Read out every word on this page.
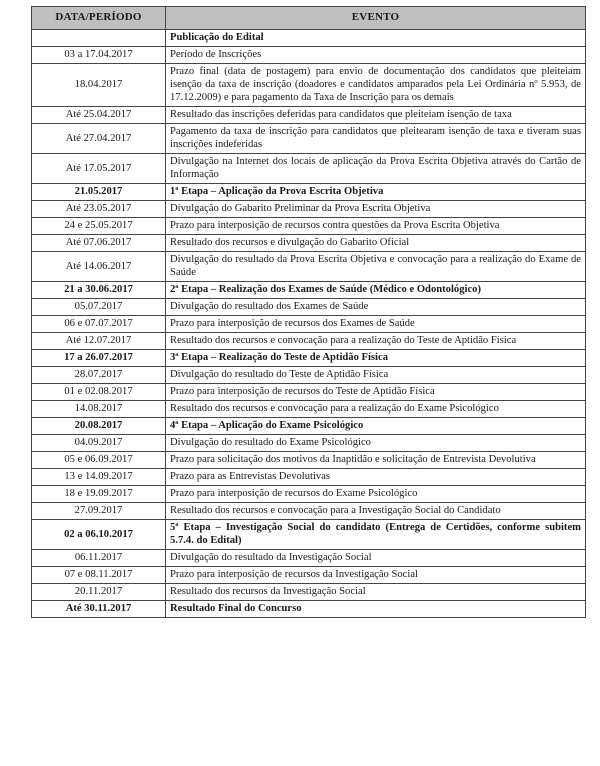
DATA/PERÍODO	EVENTO
	Publicação do Edital
03 a 17.04.2017	Período de Inscrições
18.04.2017	Prazo final (data de postagem) para envio de documentação dos candidatos que pleiteiam isenção da taxa de inscrição (doadores e candidatos amparados pela Lei Ordinária nº 5.953, de 17.12.2009) e para pagamento da Taxa de Inscrição para os demais
Até 25.04.2017	Resultado das inscrições deferidas para candidatos que pleiteiam isenção de taxa
Até 27.04.2017	Pagamento da taxa de inscrição para candidatos que pleitearam isenção de taxa e tiveram suas inscrições indeferidas
Até 17.05.2017	Divulgação na Internet dos locais de aplicação da Prova Escrita Objetiva através do Cartão de Informação
21.05.2017	1ª Etapa – Aplicação da Prova Escrita Objetiva
Até 23.05.2017	Divulgação do Gabarito Preliminar da Prova Escrita Objetiva
24 e 25.05.2017	Prazo para interposição de recursos contra questões da Prova Escrita Objetiva
Até 07.06.2017	Resultado dos recursos e divulgação do Gabarito Oficial
Até 14.06.2017	Divulgação do resultado da Prova Escrita Objetiva e convocação para a realização do Exame de Saúde
21 a 30.06.2017	2ª Etapa – Realização dos Exames de Saúde (Médico e Odontológico)
05.07.2017	Divulgação do resultado dos Exames de Saúde
06 e 07.07.2017	Prazo para interposição de recursos dos Exames de Saúde
Até 12.07.2017	Resultado dos recursos e convocação para a realização do Teste de Aptidão Física
17 a 26.07.2017	3ª Etapa – Realização do Teste de Aptidão Física
28.07.2017	Divulgação do resultado do Teste de Aptidão Física
01 e 02.08.2017	Prazo para interposição de recursos do Teste de Aptidão Física
14.08.2017	Resultado dos recursos e convocação para a realização do Exame Psicológico
20.08.2017	4ª Etapa – Aplicação do Exame Psicológico
04.09.2017	Divulgação do resultado do Exame Psicológico
05 e 06.09.2017	Prazo para solicitação dos motivos da Inaptidão e solicitação de Entrevista Devolutiva
13 e 14.09.2017	Prazo para as Entrevistas Devolutivas
18 e 19.09.2017	Prazo para interposição de recursos do Exame Psicológico
27.09.2017	Resultado dos recursos e convocação para a Investigação Social do Candidato
02 a 06.10.2017	5ª Etapa – Investigação Social do candidato (Entrega de Certidões, conforme subitem 5.7.4. do Edital)
06.11.2017	Divulgação do resultado da Investigação Social
07 e 08.11.2017	Prazo para interposição de recursos da Investigação Social
20.11.2017	Resultado dos recursos da Investigação Social
Até 30.11.2017	Resultado Final do Concurso
